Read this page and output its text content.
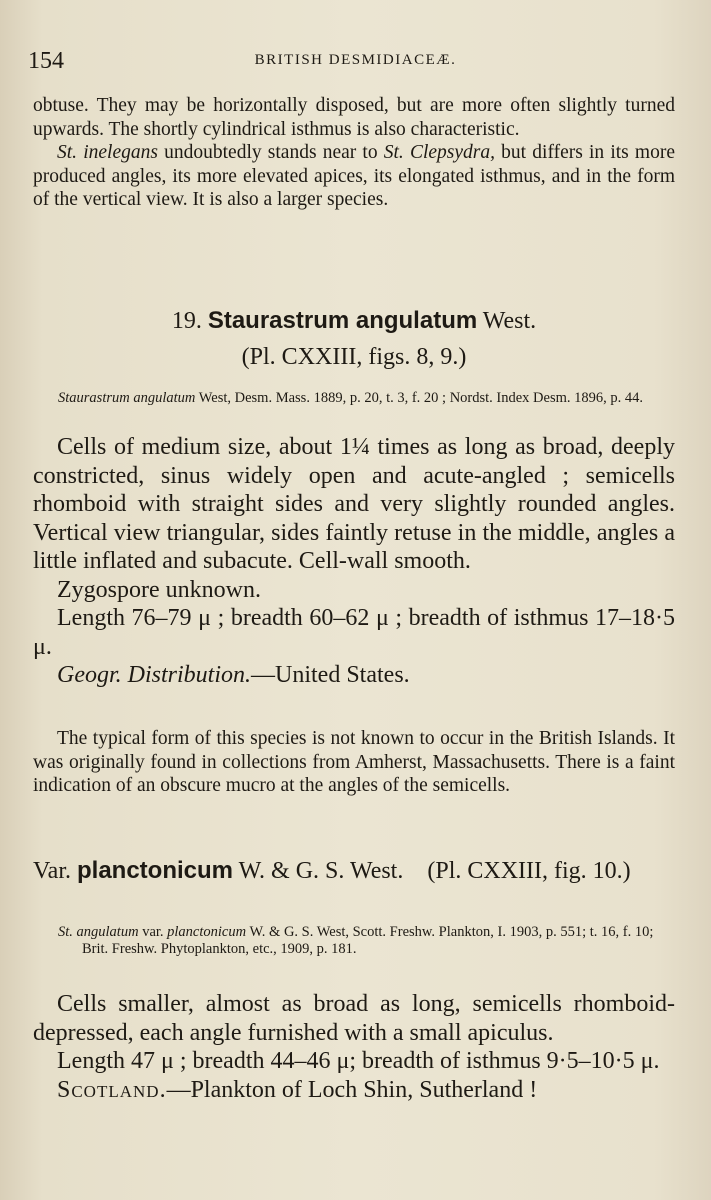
154	BRITISH DESMIDIACEÆ.

obtuse. They may be horizontally disposed, but are more often slightly turned upwards. The shortly cylindrical isthmus is also characteristic.

St. inelegans undoubtedly stands near to St. Clepsydra, but differs in its more produced angles, its more elevated apices, its elongated isthmus, and in the form of the vertical view. It is also a larger species.

19. Staurastrum angulatum West.

(Pl. CXXIII, figs. 8, 9.)

Staurastrum angulatum West, Desm. Mass. 1889, p. 20, t. 3, f. 20 ; Nordst. Index Desm. 1896, p. 44.

Cells of medium size, about 1¼ times as long as broad, deeply constricted, sinus widely open and acute-angled ; semicells rhomboid with straight sides and very slightly rounded angles. Vertical view triangular, sides faintly retuse in the middle, angles a little inflated and subacute. Cell-wall smooth.

Zygospore unknown.

Length 76–79 μ ; breadth 60–62 μ ; breadth of isthmus 17–18·5 μ.

Geogr. Distribution.—United States.

The typical form of this species is not known to occur in the British Islands. It was originally found in collections from Amherst, Massachusetts. There is a faint indication of an obscure mucro at the angles of the semicells.

Var. planctonicum W. & G. S. West. (Pl. CXXIII, fig. 10.)

St. angulatum var. planctonicum W. & G. S. West, Scott. Freshw. Plankton, I. 1903, p. 551; t. 16, f. 10; Brit. Freshw. Phytoplankton, etc., 1909, p. 181.

Cells smaller, almost as broad as long, semicells rhomboid-depressed, each angle furnished with a small apiculus.

Length 47 μ ; breadth 44–46 μ; breadth of isthmus 9·5–10·5 μ.

Scotland.—Plankton of Loch Shin, Sutherland !
